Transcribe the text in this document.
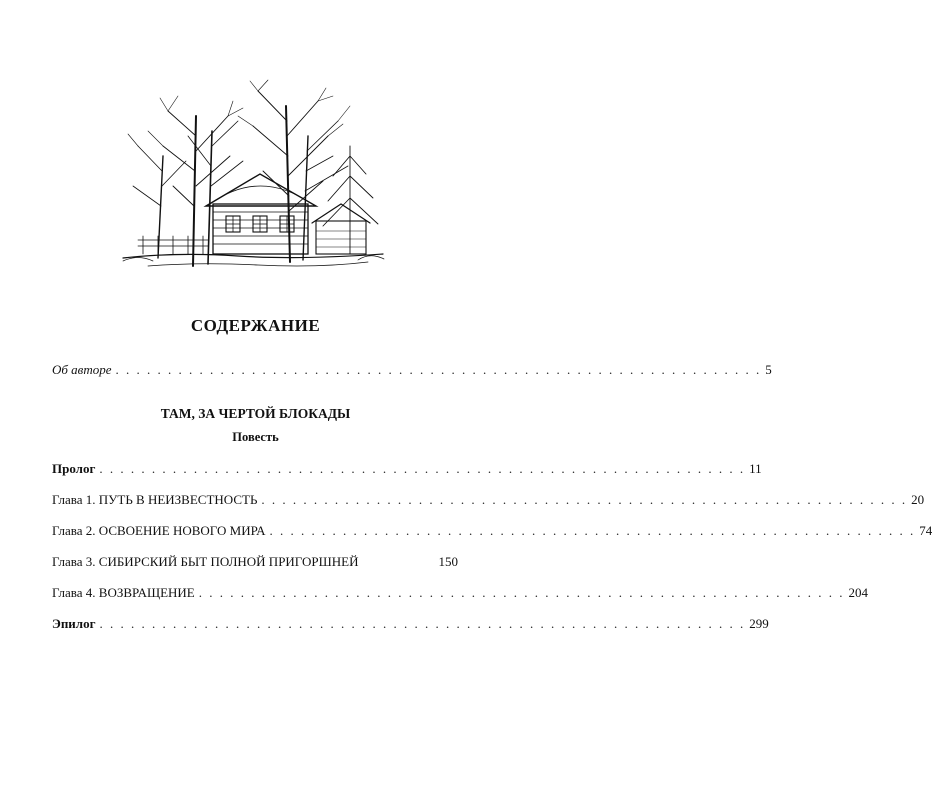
СОДЕРЖАНИЕ
Об авторе . . . . . . . . . . . . . . . . . . . . . . . . . . . . . . . . . . . . . . . . . . . . . . . . . . . . . . . . . . . . . . 5
ТАМ, ЗА ЧЕРТОЙ БЛОКАДЫ
Повесть
Пролог . . . . . . . . . . . . . . . . . . . . . . . . . . . . . . . . . . . . . . . . . . . . . . . . . . . . . . . . . . . . . . 11
Глава 1. ПУТЬ В НЕИЗВЕСТНОСТЬ . . . . . . . . . . . . . . . . . . . . . . . . . . . . . . . . . . . . . . . . . . . . . . . . . . . . . . . . . . . . . . 20
Глава 2. ОСВОЕНИЕ НОВОГО МИРА . . . . . . . . . . . . . . . . . . . . . . . . . . . . . . . . . . . . . . . . . . . . . . . . . . . . . . . . . . . . . . 74
Глава 3. СИБИРСКИЙ БЫТ ПОЛНОЙ ПРИГОРШНЕЙ	150
Глава 4. ВОЗВРАЩЕНИЕ . . . . . . . . . . . . . . . . . . . . . . . . . . . . . . . . . . . . . . . . . . . . . . . . . . . . . . . . . . . . . . 204
Эпилог . . . . . . . . . . . . . . . . . . . . . . . . . . . . . . . . . . . . . . . . . . . . . . . . . . . . . . . . . . . . . . 299
